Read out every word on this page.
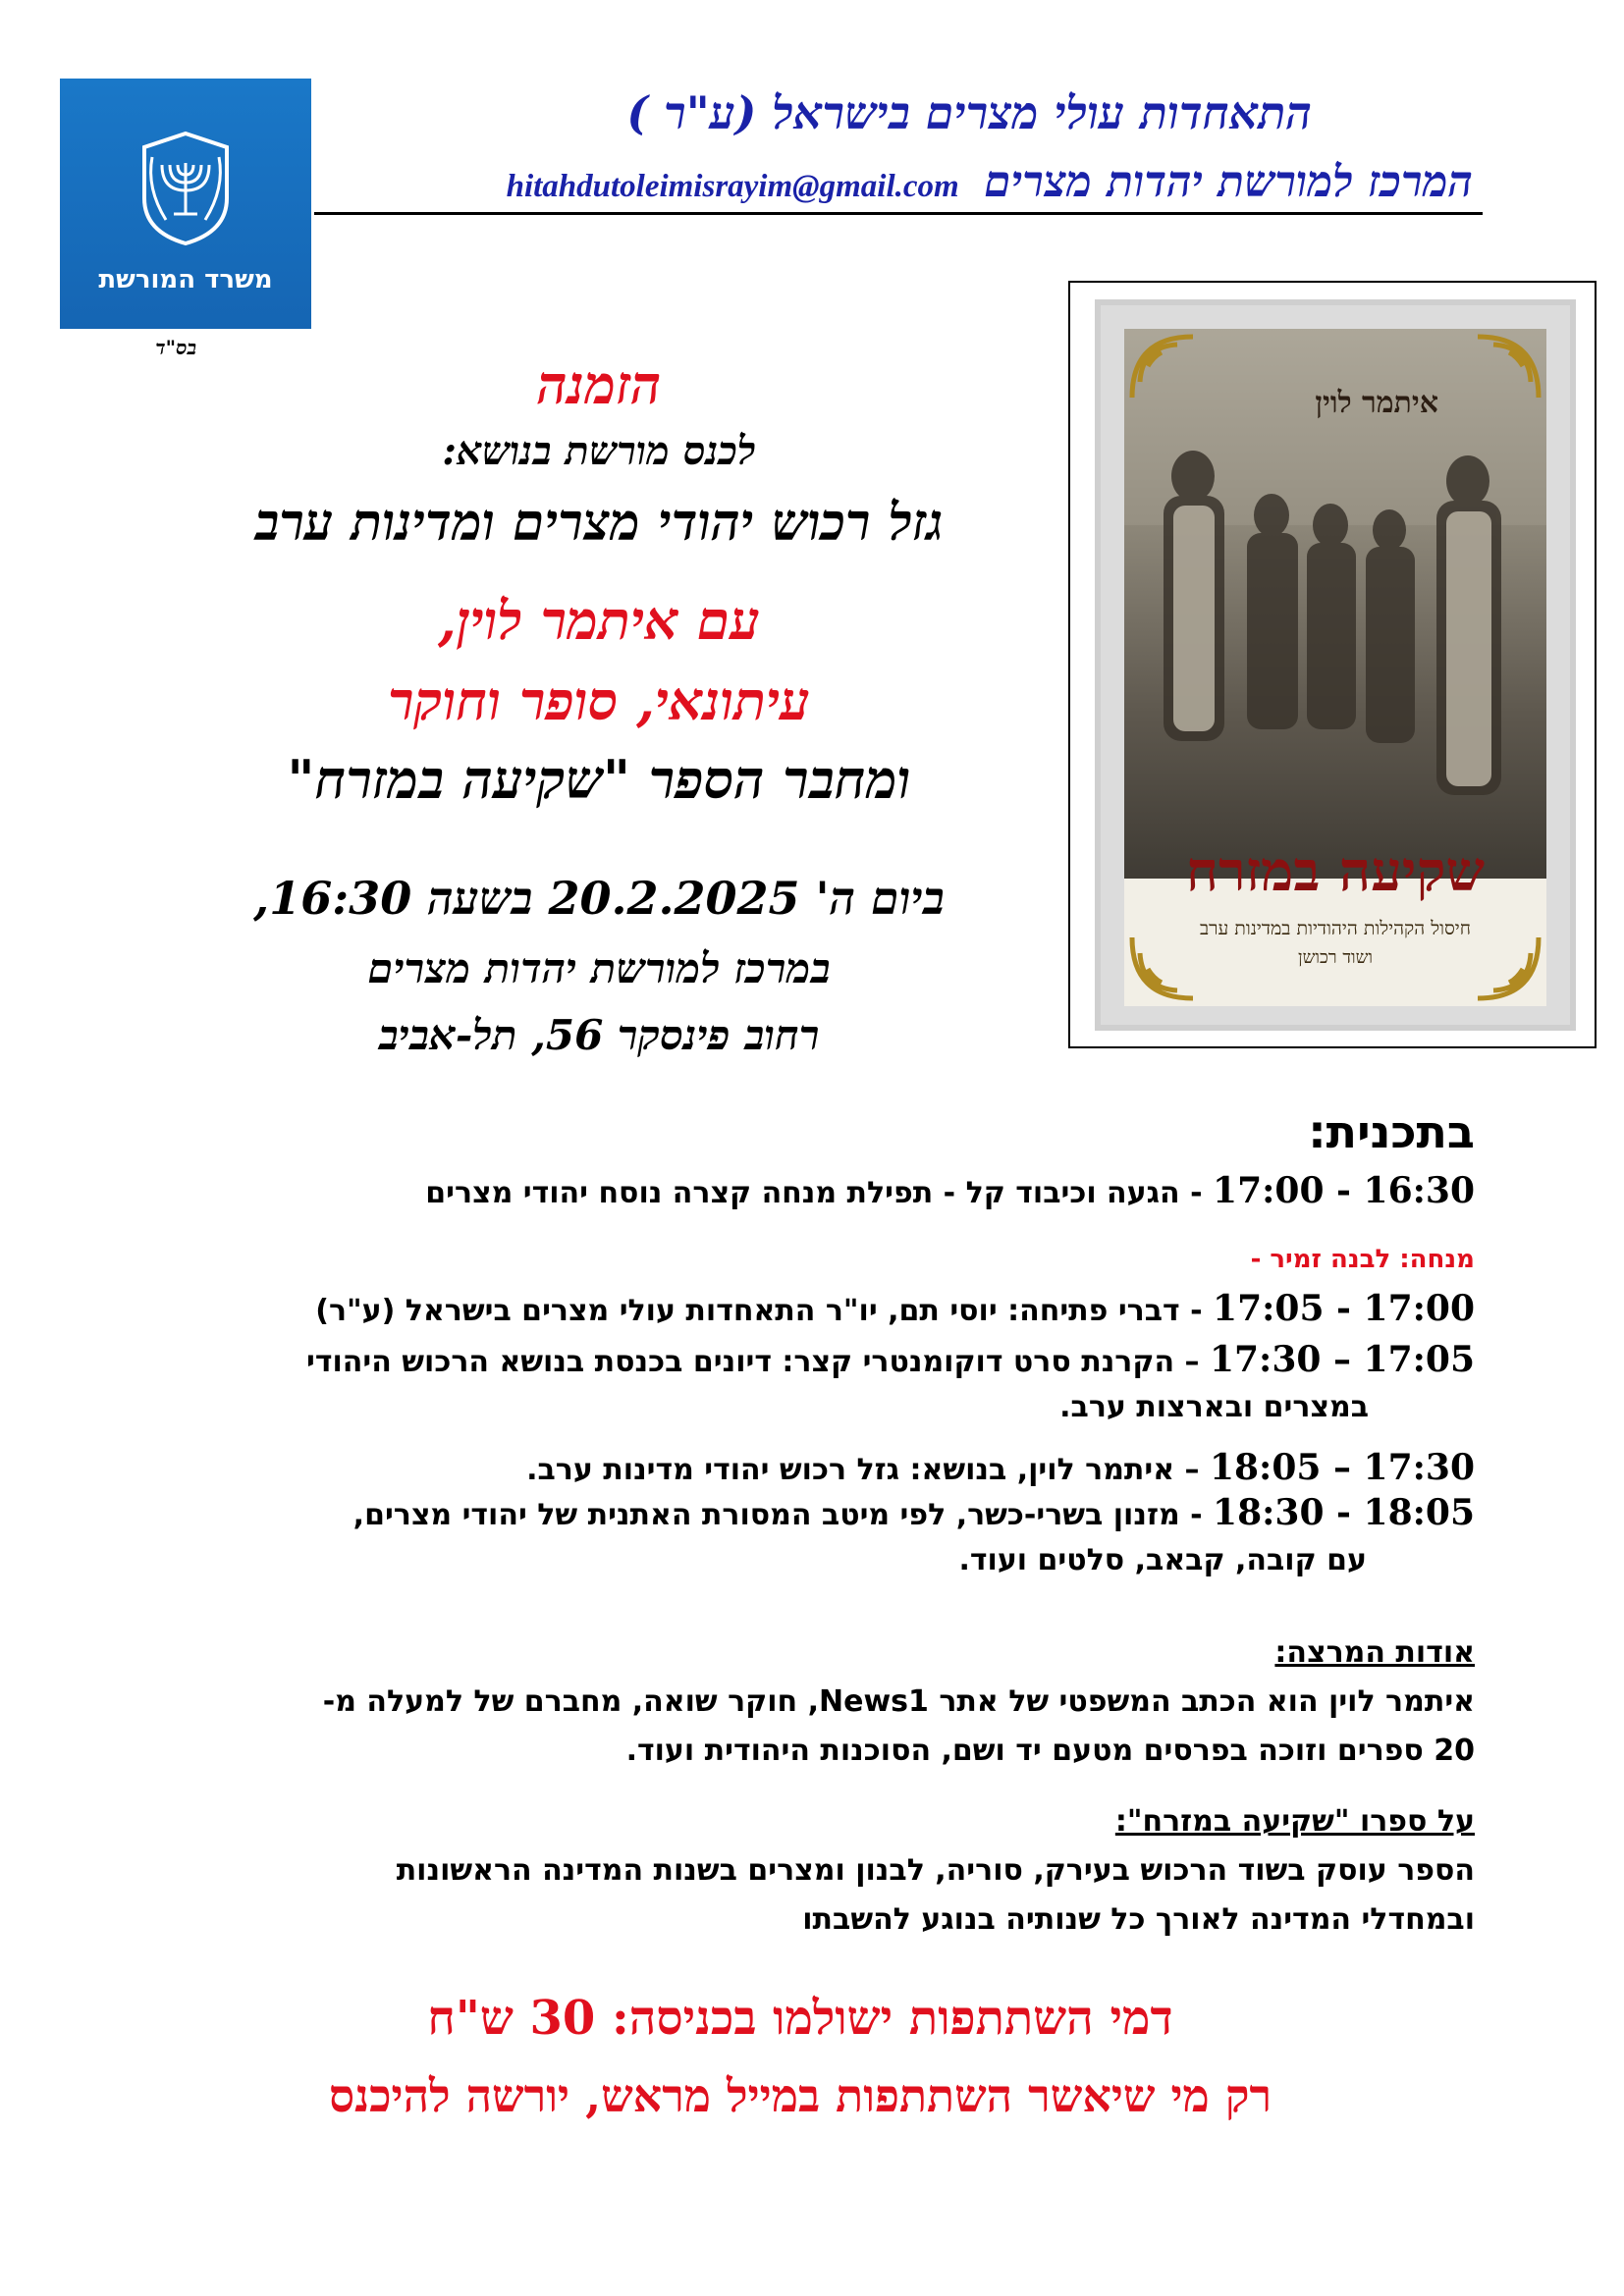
משרד המורשת
בס"ד
התאחדות עולי מצרים בישראל (ע"ר )
המרכז למורשת יהדות מצרים hitahdutoleimisrayim@gmail.com
איתמר לוין
שקיעה במזרח
חיסול הקהילות היהודיות במדינות ערב
ושוד רכושן
הזמנה
לכנס מורשת בנושא:
גזל רכוש יהודי מצרים ומדינות ערב
עם איתמר לוין,
עיתונאי, סופר וחוקר
ומחבר הספר "שקיעה במזרח"
ביום ה' 20.2.2025 בשעה 16:30,
במרכז למורשת יהדות מצרים
רחוב פינסקר 56, תל-אביב
בתכנית:
16:30 - 17:00 - הגעה וכיבוד קל - תפילת מנחה קצרה נוסח יהודי מצרים
מנחה: לבנה זמיר -
17:00 - 17:05 - דברי פתיחה: יוסי תם, יו"ר התאחדות עולי מצרים בישראל (ע"ר)
17:05 – 17:30 – הקרנת סרט דוקומנטרי קצר: דיונים בכנסת בנושא הרכוש היהודי
במצרים ובארצות ערב.
17:30 – 18:05 – איתמר לוין, בנושא: גזל רכוש יהודי מדינות ערב.
18:05 - 18:30 - מזנון בשרי-כשר, לפי מיטב המסורת האתנית של יהודי מצרים,
עם קובה, קבאב, סלטים ועוד.
אודות המרצה:
איתמר לוין הוא הכתב המשפטי של אתר News1, חוקר שואה, מחברם של למעלה מ-
20 ספרים וזוכה בפרסים מטעם יד ושם, הסוכנות היהודית ועוד.
על ספרו "שקיעה במזרח":
הספר עוסק בשוד הרכוש בעירק, סוריה, לבנון ומצרים בשנות המדינה הראשונות
ובמחדלי המדינה לאורך כל שנותיה בנוגע להשבתו
דמי השתתפות ישולמו בכניסה: 30 ש"ח
רק מי שיאשר השתתפות במייל מראש, יורשה להיכנס
